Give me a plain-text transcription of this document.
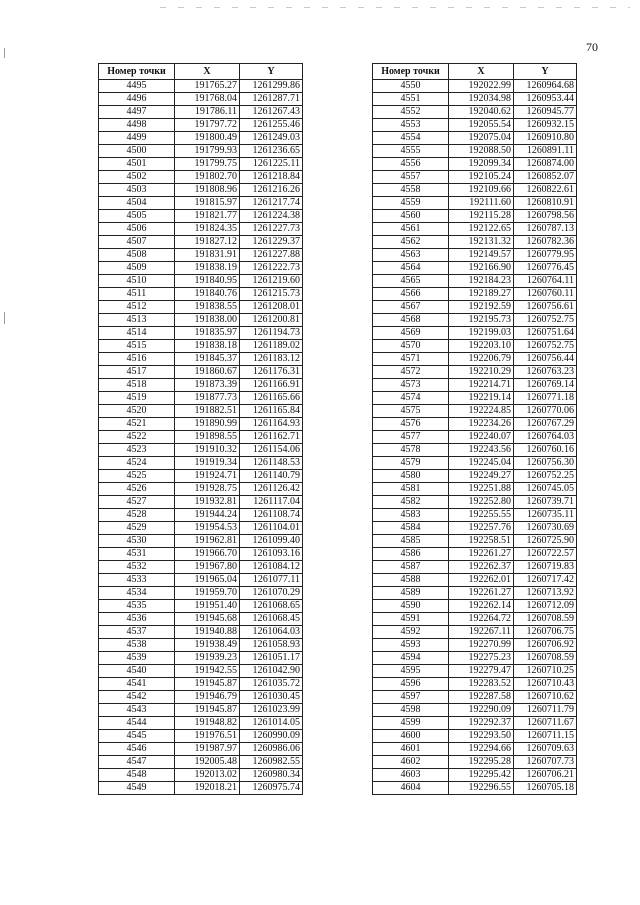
70
Номер точки	X	Y
4495	191765.27	1261299.86
4496	191768.04	1261287.71
4497	191786.11	1261267.43
4498	191797.72	1261255.46
4499	191800.49	1261249.03
4500	191799.93	1261236.65
4501	191799.75	1261225.11
4502	191802.70	1261218.84
4503	191808.96	1261216.26
4504	191815.97	1261217.74
4505	191821.77	1261224.38
4506	191824.35	1261227.73
4507	191827.12	1261229.37
4508	191831.91	1261227.88
4509	191838.19	1261222.73
4510	191840.95	1261219.60
4511	191840.76	1261215.73
4512	191838.55	1261208.01
4513	191838.00	1261200.81
4514	191835.97	1261194.73
4515	191838.18	1261189.02
4516	191845.37	1261183.12
4517	191860.67	1261176.31
4518	191873.39	1261166.91
4519	191877.73	1261165.66
4520	191882.51	1261165.84
4521	191890.99	1261164.93
4522	191898.55	1261162.71
4523	191910.32	1261154.06
4524	191919.34	1261148.53
4525	191924.71	1261140.79
4526	191928.75	1261126.42
4527	191932.81	1261117.04
4528	191944.24	1261108.74
4529	191954.53	1261104.01
4530	191962.81	1261099.40
4531	191966.70	1261093.16
4532	191967.80	1261084.12
4533	191965.04	1261077.11
4534	191959.70	1261070.29
4535	191951.40	1261068.65
4536	191945.68	1261068.45
4537	191940.88	1261064.03
4538	191938.49	1261058.93
4539	191939.23	1261051.17
4540	191942.55	1261042.90
4541	191945.87	1261035.72
4542	191946.79	1261030.45
4543	191945.87	1261023.99
4544	191948.82	1261014.05
4545	191976.51	1260990.09
4546	191987.97	1260986.06
4547	192005.48	1260982.55
4548	192013.02	1260980.34
4549	192018.21	1260975.74
Номер точки	X	Y
4550	192022.99	1260964.68
4551	192034.98	1260953.44
4552	192040.62	1260945.77
4553	192055.54	1260932.15
4554	192075.04	1260910.80
4555	192088.50	1260891.11
4556	192099.34	1260874.00
4557	192105.24	1260852.07
4558	192109.66	1260822.61
4559	192111.60	1260810.91
4560	192115.28	1260798.56
4561	192122.65	1260787.13
4562	192131.32	1260782.36
4563	192149.57	1260779.95
4564	192166.90	1260776.45
4565	192184.23	1260764.11
4566	192189.27	1260760.11
4567	192192.59	1260756.61
4568	192195.73	1260752.75
4569	192199.03	1260751.64
4570	192203.10	1260752.75
4571	192206.79	1260756.44
4572	192210.29	1260763.23
4573	192214.71	1260769.14
4574	192219.14	1260771.18
4575	192224.85	1260770.06
4576	192234.26	1260767.29
4577	192240.07	1260764.03
4578	192243.56	1260760.16
4579	192245.04	1260756.30
4580	192249.27	1260752.25
4581	192251.88	1260745.05
4582	192252.80	1260739.71
4583	192255.55	1260735.11
4584	192257.76	1260730.69
4585	192258.51	1260725.90
4586	192261.27	1260722.57
4587	192262.37	1260719.83
4588	192262.01	1260717.42
4589	192261.27	1260713.92
4590	192262.14	1260712.09
4591	192264.72	1260708.59
4592	192267.11	1260706.75
4593	192270.99	1260706.92
4594	192275.23	1260708.59
4595	192279.47	1260710.25
4596	192283.52	1260710.43
4597	192287.58	1260710.62
4598	192290.09	1260711.79
4599	192292.37	1260711.67
4600	192293.50	1260711.15
4601	192294.66	1260709.63
4602	192295.28	1260707.73
4603	192295.42	1260706.21
4604	192296.55	1260705.18
